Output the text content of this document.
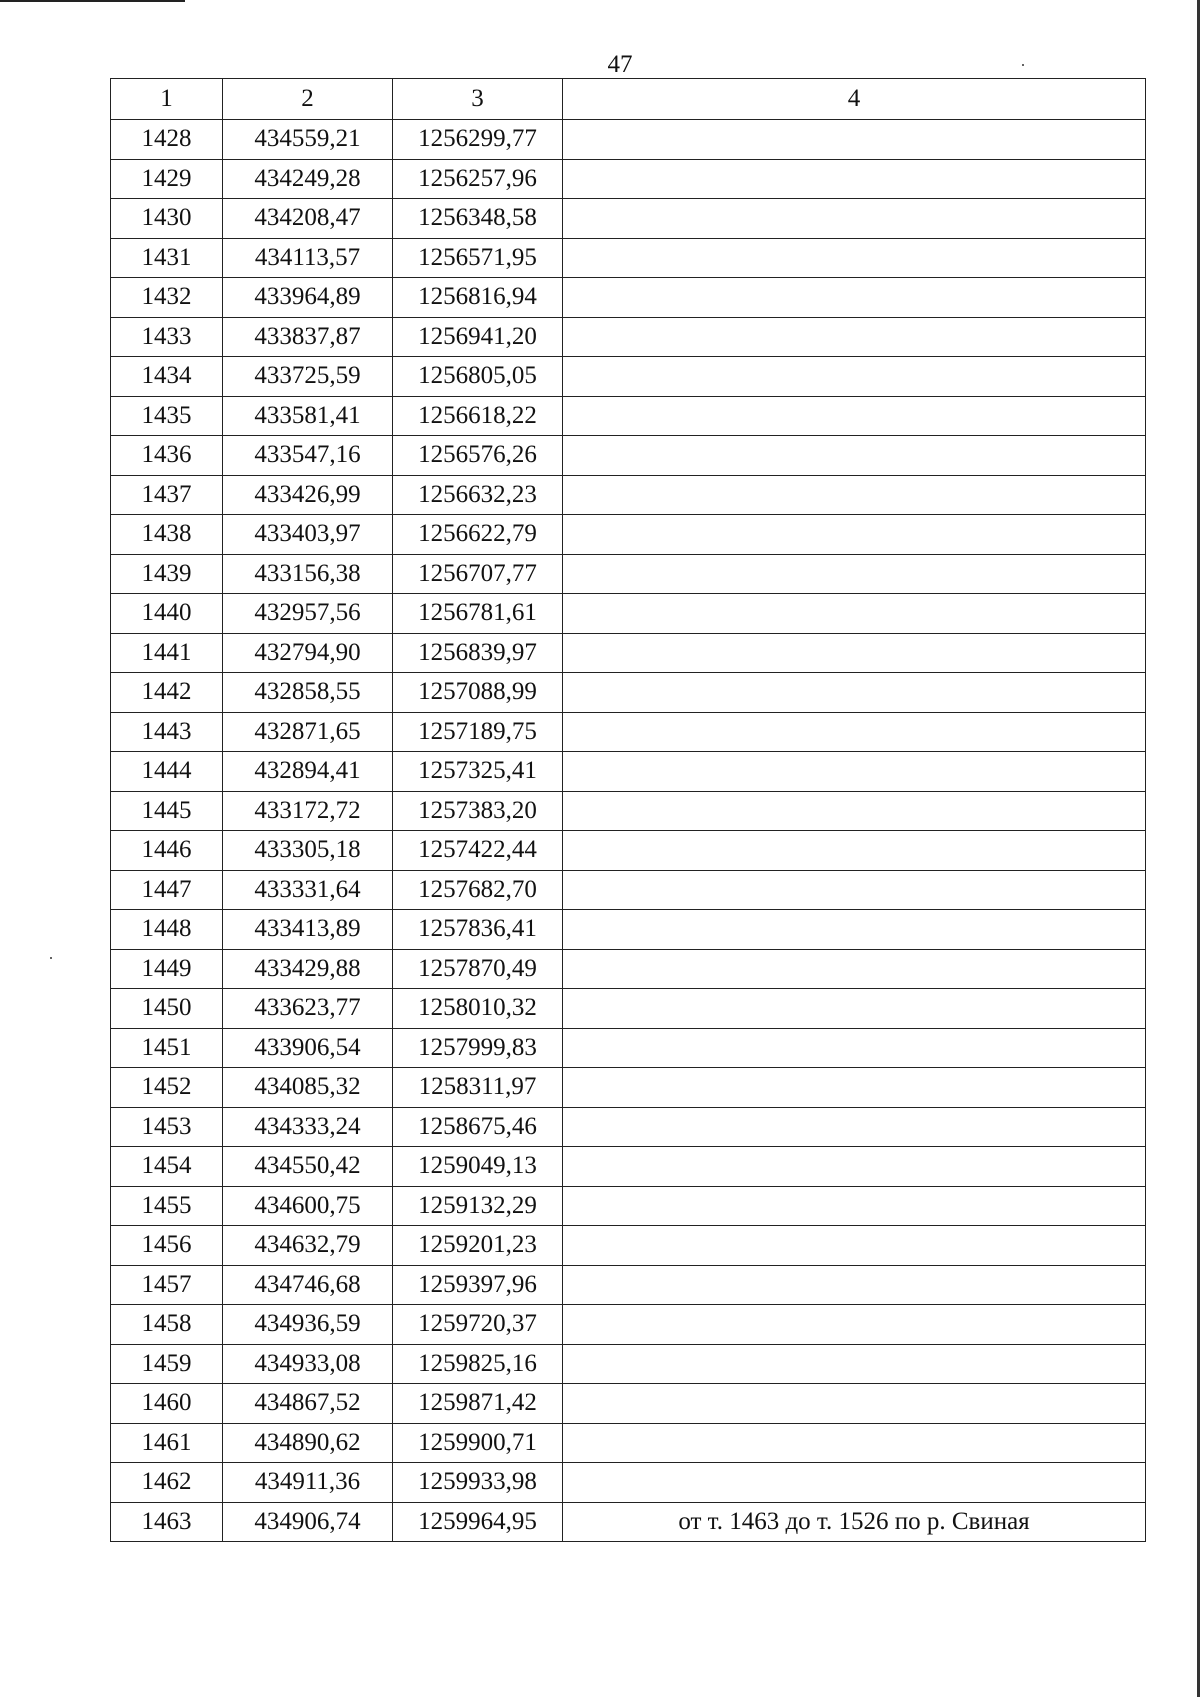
47
1	2	3	4
1428	434559,21	1256299,77	
1429	434249,28	1256257,96	
1430	434208,47	1256348,58	
1431	434113,57	1256571,95	
1432	433964,89	1256816,94	
1433	433837,87	1256941,20	
1434	433725,59	1256805,05	
1435	433581,41	1256618,22	
1436	433547,16	1256576,26	
1437	433426,99	1256632,23	
1438	433403,97	1256622,79	
1439	433156,38	1256707,77	
1440	432957,56	1256781,61	
1441	432794,90	1256839,97	
1442	432858,55	1257088,99	
1443	432871,65	1257189,75	
1444	432894,41	1257325,41	
1445	433172,72	1257383,20	
1446	433305,18	1257422,44	
1447	433331,64	1257682,70	
1448	433413,89	1257836,41	
1449	433429,88	1257870,49	
1450	433623,77	1258010,32	
1451	433906,54	1257999,83	
1452	434085,32	1258311,97	
1453	434333,24	1258675,46	
1454	434550,42	1259049,13	
1455	434600,75	1259132,29	
1456	434632,79	1259201,23	
1457	434746,68	1259397,96	
1458	434936,59	1259720,37	
1459	434933,08	1259825,16	
1460	434867,52	1259871,42	
1461	434890,62	1259900,71	
1462	434911,36	1259933,98	
1463	434906,74	1259964,95	от т. 1463 до т. 1526 по р. Свиная
